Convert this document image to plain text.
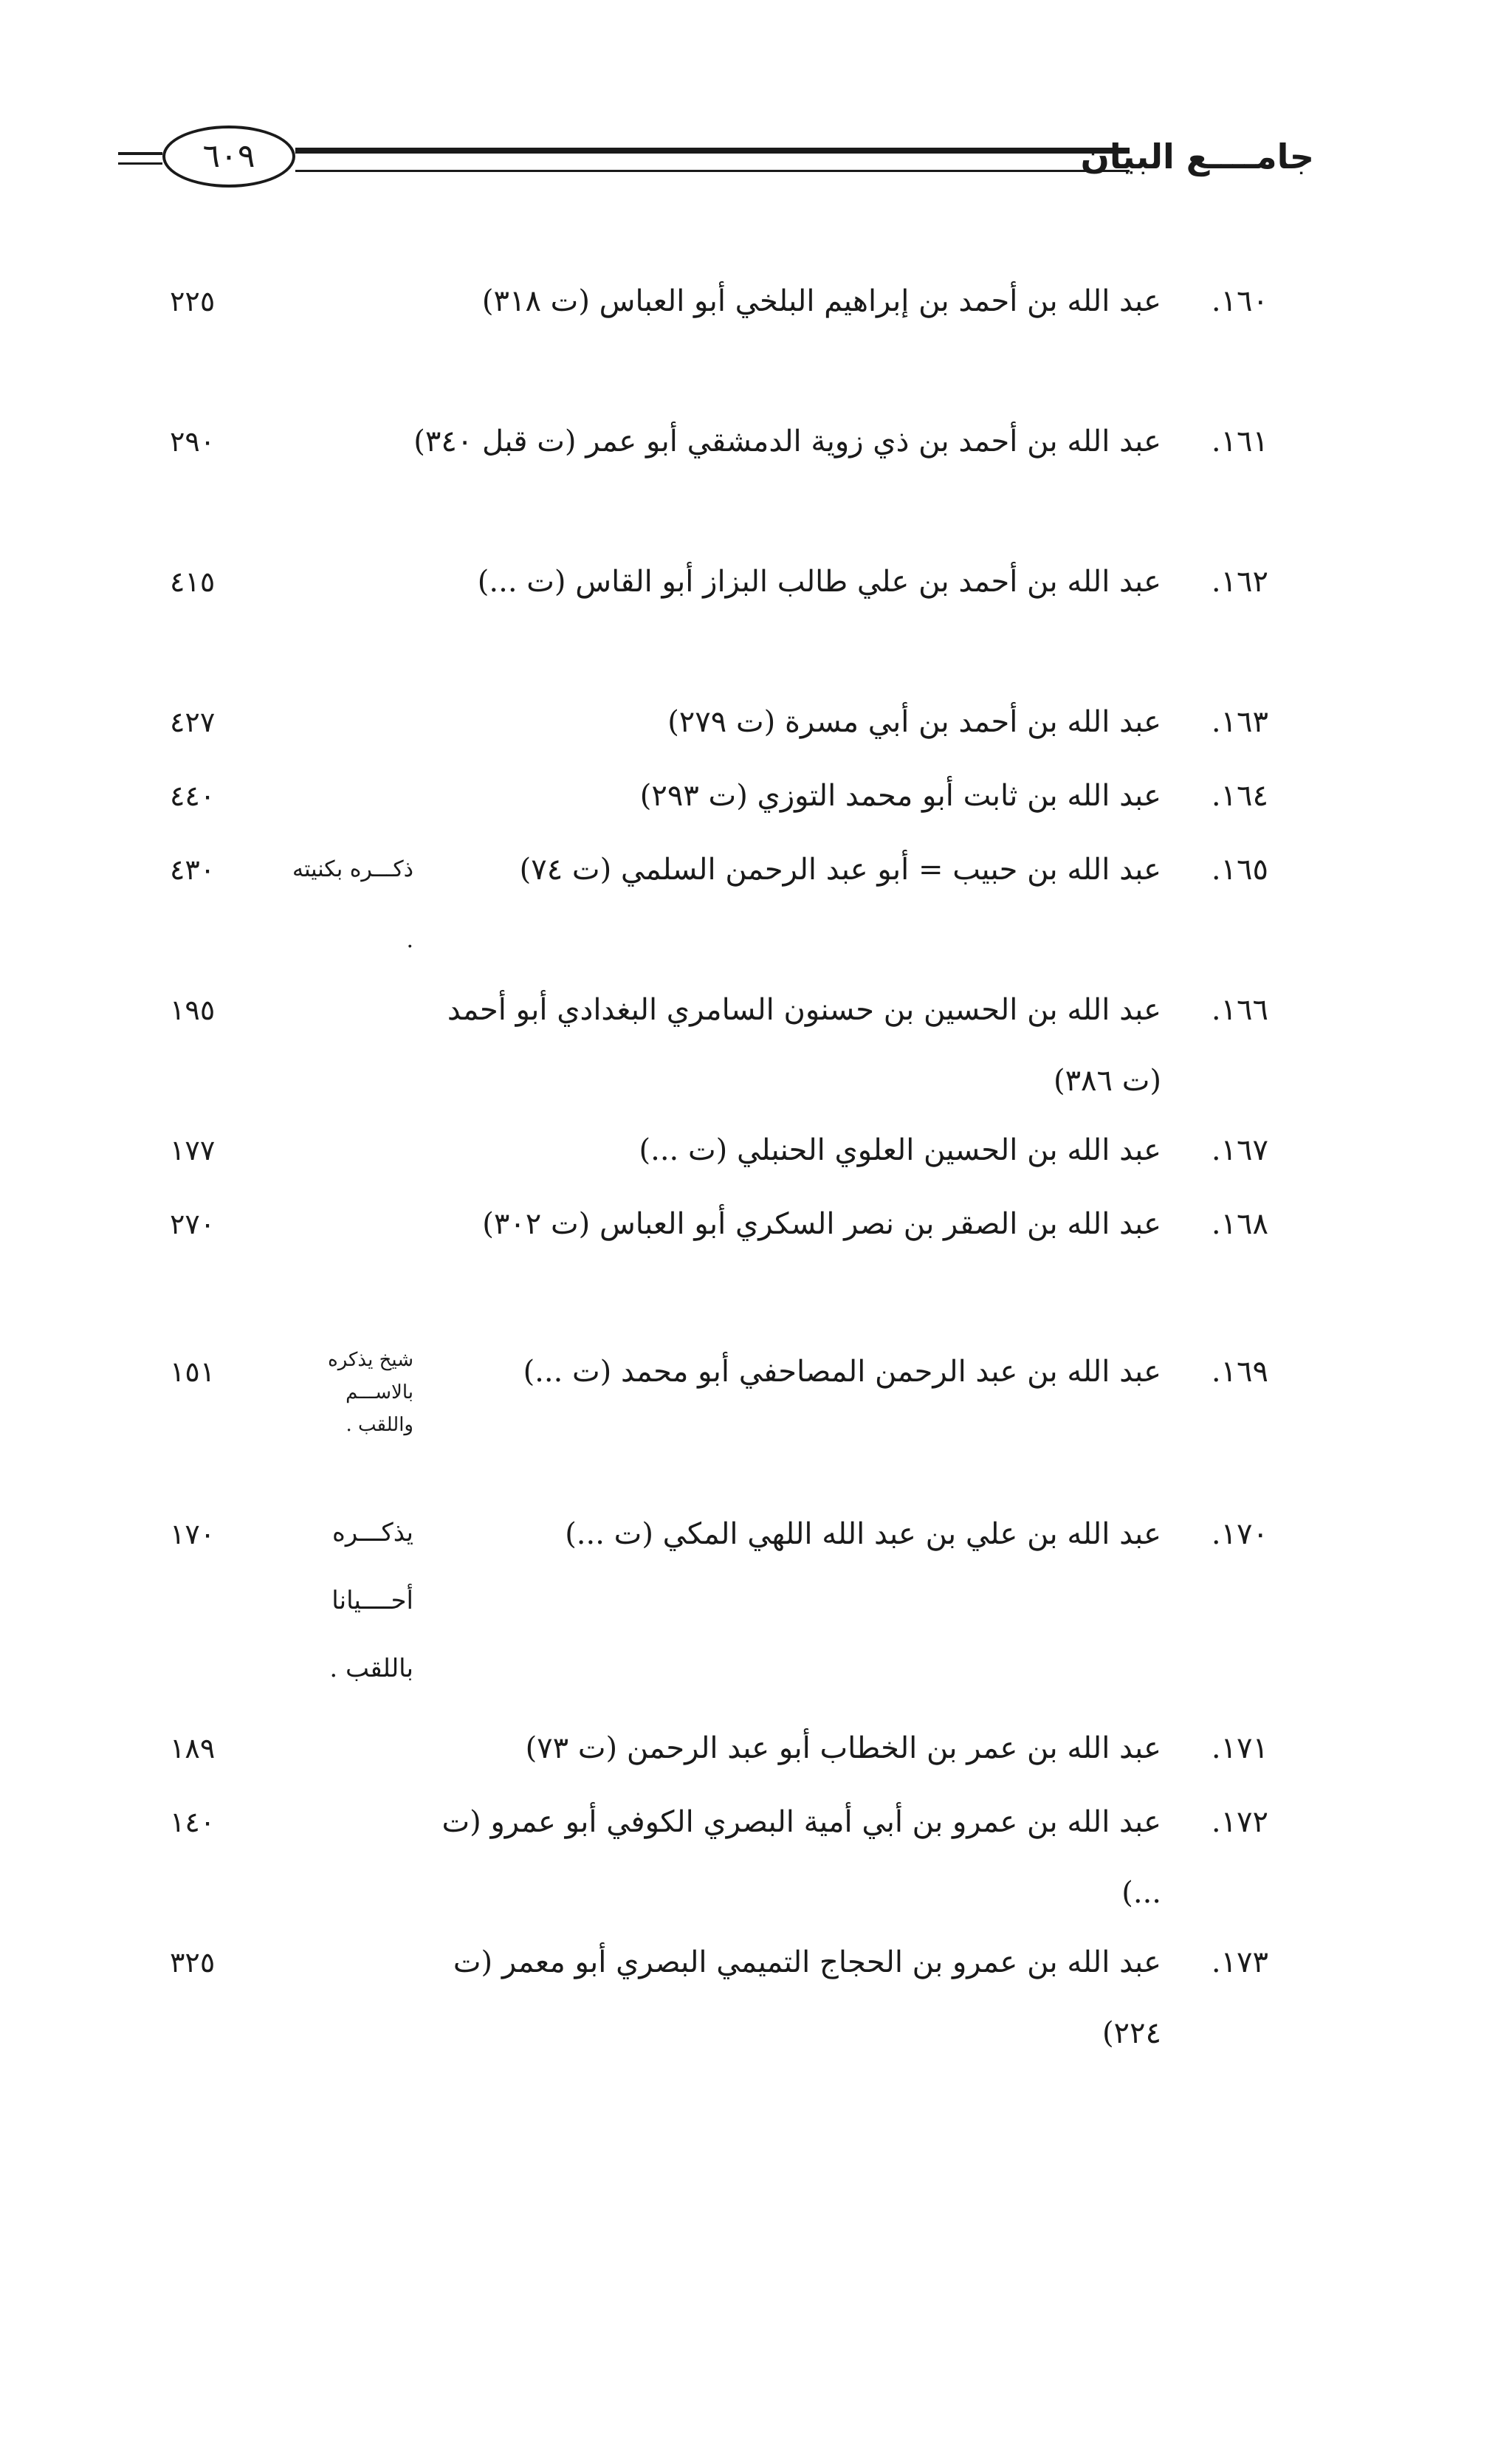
جامــــع البيان
٦٠٩
١٦٠.
عبد الله بن أحمد بن إبراهيم البلخي أبو العباس (ت ٣١٨)
٢٢٥
١٦١.
عبد الله بن أحمد بن ذي زوية الدمشقي أبو عمر (ت قبل ٣٤٠)
٢٩٠
١٦٢.
عبد الله بن أحمد بن علي طالب البزاز أبو القاس (ت ...)
٤١٥
١٦٣.
عبد الله بن أحمد بن أبي مسرة (ت ٢٧٩)
٤٢٧
١٦٤.
عبد الله بن ثابت أبو محمد التوزي (ت ٢٩٣)
٤٤٠
١٦٥.
عبد الله بن حبيب = أبو عبد الرحمن السلمي (ت ٧٤)
ذكـــره بكنيته .
٤٣٠
١٦٦.
عبد الله بن الحسين بن حسنون السامري البغدادي أبو أحمد (ت ٣٨٦)
١٩٥
١٦٧.
عبد الله بن الحسين العلوي الحنبلي (ت ...)
١٧٧
١٦٨.
عبد الله بن الصقر بن نصر السكري أبو العباس (ت ٣٠٢)
٢٧٠
١٦٩.
عبد الله بن عبد الرحمن المصاحفي أبو محمد (ت ...)
شيخ يذكره بالاســـم واللقب .
١٥١
١٧٠.
عبد الله بن علي بن عبد الله اللهي المكي (ت ...)
يذكـــره أحــــيانا باللقب .
١٧٠
١٧١.
عبد الله بن عمر بن الخطاب أبو عبد الرحمن (ت ٧٣)
١٨٩
١٧٢.
عبد الله بن عمرو بن أبي أمية البصري الكوفي أبو عمرو (ت ...)
١٤٠
١٧٣.
عبد الله بن عمرو بن الحجاج التميمي البصري أبو معمر (ت ٢٢٤)
٣٢٥
